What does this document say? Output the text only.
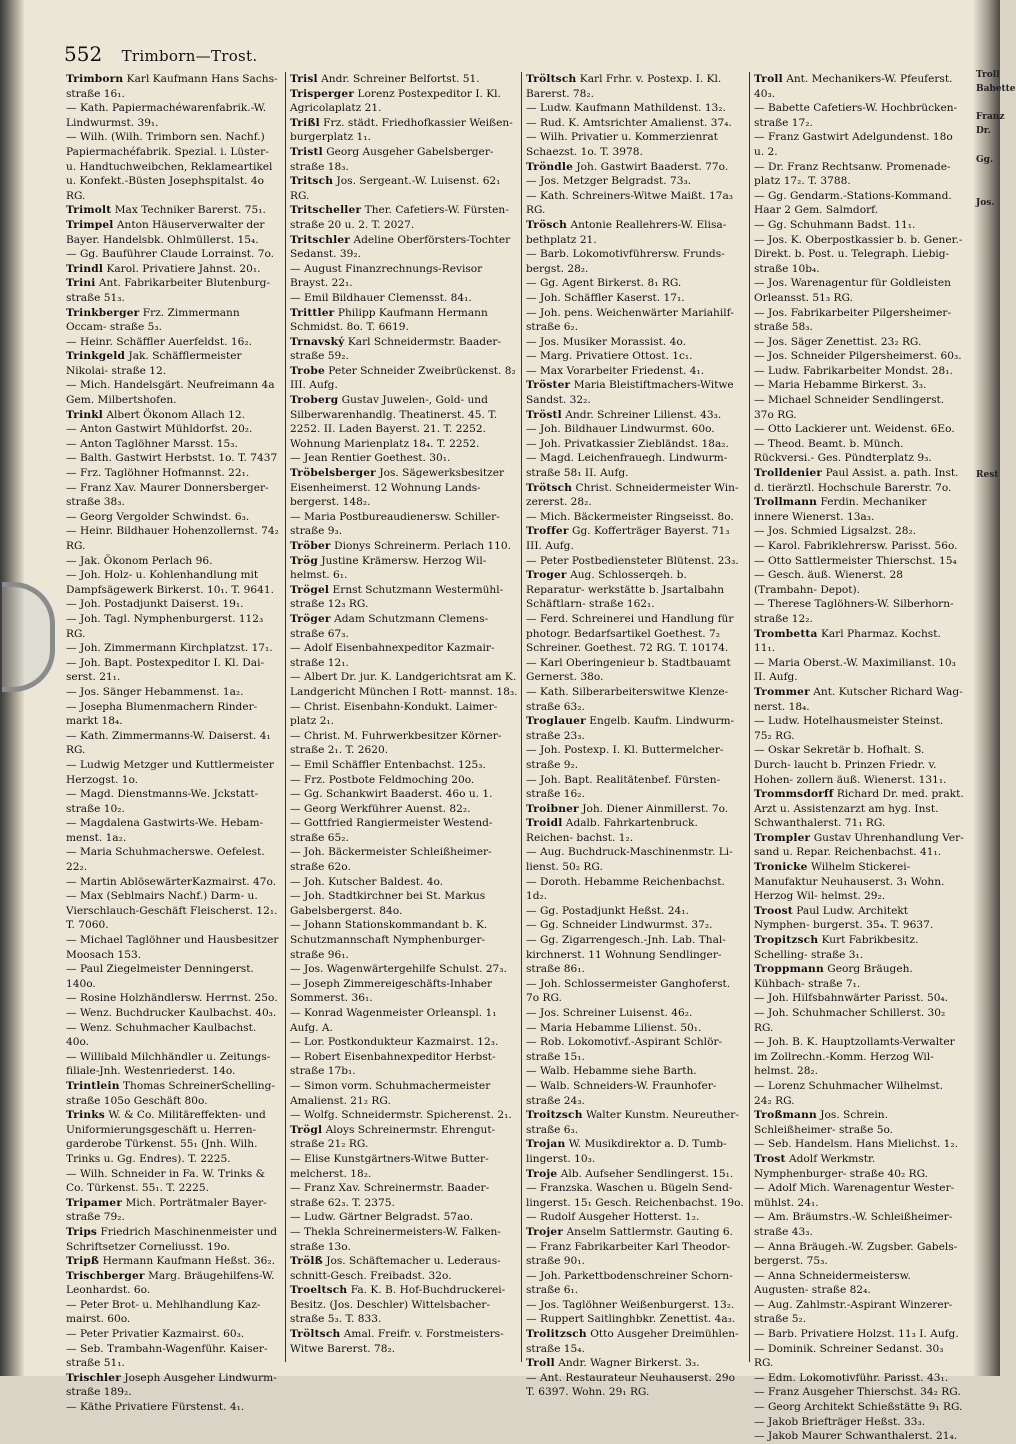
552 Trimborn—Trost.
Trimborn Karl Kaufmann Hans Sachs- straße 16₁.
— Kath. Papiermachéwarenfabrik.-W. Lindwurmst. 39₁.
— Wilh. (Wilh. Trimborn sen. Nachf.) Papiermachéfabrik. Spezial. i. Lüster- u. Handtuchweibchen, Reklameartikel u. Konfekt.-Büsten Josephspitalst. 4o RG.
Trimolt Max Techniker Barerst. 75₁.
Trimpel Anton Häuserverwalter der Bayer. Handelsbk. Ohlmüllerst. 15₄.
— Gg. Bauführer Claude Lorrainst. 7o.
Trindl Karol. Privatiere Jahnst. 20₁.
Trini Ant. Fabrikarbeiter Blutenburg- straße 51₃.
Trinkberger Frz. Zimmermann Occam- straße 5₃.
— Heinr. Schäffler Auerfeldst. 16₂.
Trinkgeld Jak. Schäfflermeister Nikolai- straße 12.
— Mich. Handelsgärt. Neufreimann 4a Gem. Milbertshofen.
Trinkl Albert Ökonom Allach 12.
— Anton Gastwirt Mühldorfst. 20₂.
— Anton Taglöhner Marsst. 15₃.
— Balth. Gastwirt Herbstst. 1o. T. 7437
— Frz. Taglöhner Hofmannst. 22₁.
— Franz Xav. Maurer Donnersberger- straße 38₃.
— Georg Vergolder Schwindst. 6₃.
— Heinr. Bildhauer Hohenzollernst. 74₂ RG.
— Jak. Ökonom Perlach 96.
— Joh. Holz- u. Kohlenhandlung mit Dampfsägewerk Birkerst. 10₁. T. 9641.
— Joh. Postadjunkt Daiserst. 19₁.
— Joh. Tagl. Nymphenburgerst. 112₃ RG.
— Joh. Zimmermann Kirchplatzst. 17₁.
— Joh. Bapt. Postexpeditor I. Kl. Dai- serst. 21₁.
— Jos. Sänger Hebammenst. 1a₂.
— Josepha Blumenmachern Rinder- markt 18₄.
— Kath. Zimmermanns-W. Daiserst. 4₁ RG.
— Ludwig Metzger und Kuttlermeister Herzogst. 1o.
— Magd. Dienstmanns-We. Jckstatt- straße 10₂.
— Magdalena Gastwirts-We. Hebam- menst. 1a₂.
— Maria Schuhmacherswe. Oefelest. 22₂.
— Martin AblösewärterKazmairst. 47o.
— Max (Seblmairs Nachf.) Darm- u. Vierschlauch-Geschäft Fleischerst. 12₁. T. 7060.
— Michael Taglöhner und Hausbesitzer Moosach 153.
— Paul Ziegelmeister Denningerst. 140o.
— Rosine Holzhändlersw. Herrnst. 25o.
— Wenz. Buchdrucker Kaulbachst. 40₃.
— Wenz. Schuhmacher Kaulbachst. 40o.
— Willibald Milchhändler u. Zeitungs- filiale-Jnh. Westenriederst. 14o.
Trintlein Thomas SchreinerSchelling- straße 105o Geschäft 80o.
Trinks W. & Co. Militäreffekten- und Uniformierungsgeschäft u. Herren- garderobe Türkenst. 55₁ (Jnh. Wilh. Trinks u. Gg. Endres). T. 2225.
— Wilh. Schneider in Fa. W. Trinks & Co. Türkenst. 55₁. T. 2225.
Tripamer Mich. Porträtmaler Bayer- straße 79₂.
Trips Friedrich Maschinenmeister und Schriftsetzer Corneliusst. 19o.
Tripß Hermann Kaufmann Heßst. 36₂.
Trischberger Marg. Bräugehilfens-W. Leonhardst. 6o.
— Peter Brot- u. Mehlhandlung Kaz- mairst. 60o.
— Peter Privatier Kazmairst. 60₃.
— Seb. Trambahn-Wagenführ. Kaiser- straße 51₁.
Trischler Joseph Ausgeher Lindwurm- straße 189₂.
— Käthe Privatiere Fürstenst. 4₁.
Trisl Andr. Schreiner Belfortst. 51.
Trisperger Lorenz Postexpeditor I. Kl. Agricolaplatz 21.
Trißl Frz. städt. Friedhofkassier Weißen- burgerplatz 1₁.
Tristl Georg Ausgeher Gabelsberger- straße 18₃.
Tritsch Jos. Sergeant.-W. Luisenst. 62₁ RG.
Tritscheller Ther. Cafetiers-W. Fürsten- straße 20 u. 2. T. 2027.
Tritschler Adeline Oberförsters-Tochter Sedanst. 39₂.
— August Finanzrechnungs-Revisor Brayst. 22₁.
— Emil Bildhauer Clemensst. 84₁.
Trittler Philipp Kaufmann Hermann Schmidst. 8o. T. 6619.
Trnavský Karl Schneidermstr. Baader- straße 59₂.
Trobe Peter Schneider Zweibrückenst. 8₂ III. Aufg.
Troberg Gustav Juwelen-, Gold- und Silberwarenhandlg. Theatinerst. 45. T. 2252. II. Laden Bayerst. 21. T. 2252. Wohnung Marienplatz 18₄. T. 2252.
— Jean Rentier Goethest. 30₁.
Tröbelsberger Jos. Sägewerksbesitzer Eisenheimerst. 12 Wohnung Lands- bergerst. 148₂.
— Maria Postbureaudienersw. Schiller- straße 9₃.
Tröber Dionys Schreinerm. Perlach 110.
Trög Justine Krämersw. Herzog Wil- helmst. 6₁.
Trögel Ernst Schutzmann Westermühl- straße 12₃ RG.
Tröger Adam Schutzmann Clemens- straße 67₃.
— Adolf Eisenbahnexpeditor Kazmair- straße 12₁.
— Albert Dr. jur. K. Landgerichtsrat am K. Landgericht München I Rott- mannst. 18₃.
— Christ. Eisenbahn-Kondukt. Laimer- platz 2₁.
— Christ. M. Fuhrwerkbesitzer Körner- straße 2₁. T. 2620.
— Emil Schäffler Entenbachst. 125₃.
— Frz. Postbote Feldmoching 20o.
— Gg. Schankwirt Baaderst. 46o u. 1.
— Georg Werkführer Auenst. 82₂.
— Gottfried Rangiermeister Westend- straße 65₂.
— Joh. Bäckermeister Schleißheimer- straße 62o.
— Joh. Kutscher Baldest. 4o.
— Joh. Stadtkirchner bei St. Markus Gabelsbergerst. 84o.
— Johann Stationskommandant b. K. Schutzmannschaft Nymphenburger- straße 96₁.
— Jos. Wagenwärtergehilfe Schulst. 27₃.
— Joseph Zimmereigeschäfts-Inhaber Sommerst. 36₁.
— Konrad Wagenmeister Orleanspl. 1₁ Aufg. A.
— Lor. Postkondukteur Kazmairst. 12₃.
— Robert Eisenbahnexpeditor Herbst- straße 17b₁.
— Simon vorm. Schuhmachermeister Amalienst. 21₂ RG.
— Wolfg. Schneidermstr. Spicherenst. 2₁.
Trögl Aloys Schreinermstr. Ehrengut- straße 21₂ RG.
— Elise Kunstgärtners-Witwe Butter- melcherst. 18₂.
— Franz Xav. Schreinermstr. Baader- straße 62₃. T. 2375.
— Ludw. Gärtner Belgradst. 57ao.
— Thekla Schreinermeisters-W. Falken- straße 13o.
Trölß Jos. Schäftemacher u. Lederaus- schnitt-Gesch. Freibadst. 32o.
Troeltsch Fa. K. B. Hof-Buchdruckerei- Besitz. (Jos. Deschler) Wittelsbacher- straße 5₃. T. 833.
Tröltsch Amal. Freifr. v. Forstmeisters- Witwe Barerst. 78₂.
Tröltsch Karl Frhr. v. Postexp. I. Kl. Barerst. 78₂.
— Ludw. Kaufmann Mathildenst. 13₂.
— Rud. K. Amtsrichter Amalienst. 37₄.
— Wilh. Privatier u. Kommerzienrat Schaezst. 1o. T. 3978.
Tröndle Joh. Gastwirt Baaderst. 77o.
— Jos. Metzger Belgradst. 73₃.
— Kath. Schreiners-Witwe Maißt. 17a₃ RG.
Trösch Antonie Reallehrers-W. Elisa- bethplatz 21.
— Barb. Lokomotivführersw. Frunds- bergst. 28₂.
— Gg. Agent Birkerst. 8₁ RG.
— Joh. Schäffler Kaserst. 17₁.
— Joh. pens. Weichenwärter Mariahilf- straße 6₂.
— Jos. Musiker Morassist. 4o.
— Marg. Privatiere Ottost. 1c₁.
— Max Vorarbeiter Friedenst. 4₁.
Tröster Maria Bleistiftmachers-Witwe Sandst. 32₂.
Tröstl Andr. Schreiner Lilienst. 43₃.
— Joh. Bildhauer Lindwurmst. 60o.
— Joh. Privatkassier Ziebländst. 18a₂.
— Magd. Leichenfrauegh. Lindwurm- straße 58₁ II. Aufg.
Trötsch Christ. Schneidermeister Win- zererst. 28₂.
— Mich. Bäckermeister Ringseisst. 8o.
Troffer Gg. Kofferträger Bayerst. 71₃ III. Aufg.
— Peter Postbediensteter Blütenst. 23₃.
Troger Aug. Schlosserqeh. b. Reparatur- werkstätte b. Jsartalbahn Schäftlarn- straße 162₁.
— Ferd. Schreinerei und Handlung für photogr. Bedarfsartikel Goethest. 7₂ Schreiner. Goethest. 72 RG. T. 10174.
— Karl Oberingenieur b. Stadtbauamt Gernerst. 38o.
— Kath. Silberarbeiterswitwe Klenze- straße 63₂.
Troglauer Engelb. Kaufm. Lindwurm- straße 23₃.
— Joh. Postexp. I. Kl. Buttermelcher- straße 9₂.
— Joh. Bapt. Realitätenbef. Fürsten- straße 16₂.
Troibner Joh. Diener Ainmillerst. 7o.
Troidl Adalb. Fahrkartenbruck. Reichen- bachst. 1₂.
— Aug. Buchdruck-Maschinenmstr. Li- lienst. 50₂ RG.
— Doroth. Hebamme Reichenbachst. 1d₂.
— Gg. Postadjunkt Heßst. 24₁.
— Gg. Schneider Lindwurmst. 37₂.
— Gg. Zigarrengesch.-Jnh. Lab. Thal- kirchnerst. 11 Wohnung Sendlinger- straße 86₁.
— Joh. Schlossermeister Ganghoferst. 7o RG.
— Jos. Schreiner Luisenst. 46₂.
— Maria Hebamme Lilienst. 50₁.
— Rob. Lokomotivf.-Aspirant Schlör- straße 15₁.
— Walb. Hebamme siehe Barth.
— Walb. Schneiders-W. Fraunhofer- straße 24₃.
Troitzsch Walter Kunstm. Neureuther- straße 6₃.
Trojan W. Musikdirektor a. D. Tumb- lingerst. 10₃.
Troje Alb. Aufseher Sendlingerst. 15₁.
— Franzska. Waschen u. Bügeln Send- lingerst. 15₁ Gesch. Reichenbachst. 19o.
— Rudolf Ausgeher Hotterst. 1₂.
Trojer Anselm Sattlermstr. Gauting 6.
— Franz Fabrikarbeiter Karl Theodor- straße 90₁.
— Joh. Parkettbodenschreiner Schorn- straße 6₁.
— Jos. Taglöhner Weißenburgerst. 13₂.
— Ruppert Saitlinghbkr. Zenettist. 4a₃.
Trolitzsch Otto Ausgeher Dreimühlen- straße 15₄.
Troll Andr. Wagner Birkerst. 3₃.
— Ant. Restaurateur Neuhauserst. 29o T. 6397. Wohn. 29₁ RG.
Troll Ant. Mechanikers-W. Pfeuferst. 40₃.
— Babette Cafetiers-W. Hochbrücken- straße 17₂.
— Franz Gastwirt Adelgundenst. 18o u. 2.
— Dr. Franz Rechtsanw. Promenade- platz 17₂. T. 3788.
— Gg. Gendarm.-Stations-Kommand. Haar 2 Gem. Salmdorf.
— Gg. Schuhmann Badst. 11₁.
— Jos. K. Oberpostkassier b. b. Gener.- Direkt. b. Post. u. Telegraph. Liebig- straße 10b₄.
— Jos. Warenagentur für Goldleisten Orleansst. 51₃ RG.
— Jos. Fabrikarbeiter Pilgersheimer- straße 58₃.
— Jos. Säger Zenettist. 23₂ RG.
— Jos. Schneider Pilgersheimerst. 60₃.
— Ludw. Fabrikarbeiter Mondst. 28₁.
— Maria Hebamme Birkerst. 3₃.
— Michael Schneider Sendlingerst. 37o RG.
— Otto Lackierer unt. Weidenst. 6Eo.
— Theod. Beamt. b. Münch. Rückversi.- Ges. Pündterplatz 9₃.
Trolldenier Paul Assist. a. path. Inst. d. tierärztl. Hochschule Barerstr. 7o.
Trollmann Ferdin. Mechaniker innere Wienerst. 13a₃.
— Jos. Schmied Ligsalzst. 28₂.
— Karol. Fabriklehrersw. Parisst. 56o.
— Otto Sattlermeister Thierschst. 15₄
— Gesch. äuß. Wienerst. 28 (Trambahn- Depot).
— Therese Taglöhners-W. Silberhorn- straße 12₂.
Trombetta Karl Pharmaz. Kochst. 11₁.
— Maria Oberst.-W. Maximilianst. 10₃ II. Aufg.
Trommer Ant. Kutscher Richard Wag- nerst. 18₄.
— Ludw. Hotelhausmeister Steinst. 75₂ RG.
— Oskar Sekretär b. Hofhalt. S. Durch- laucht b. Prinzen Friedr. v. Hohen- zollern äuß. Wienerst. 131₁.
Trommsdorff Richard Dr. med. prakt. Arzt u. Assistenzarzt am hyg. Inst. Schwanthalerst. 71₁ RG.
Trompler Gustav Uhrenhandlung Ver- sand u. Repar. Reichenbachst. 41₁.
Tronicke Wilhelm Stickerei-Manufaktur Neuhauserst. 3₁ Wohn. Herzog Wil- helmst. 29₂.
Troost Paul Ludw. Architekt Nymphen- burgerst. 35₄. T. 9637.
Tropitzsch Kurt Fabrikbesitz. Schelling- straße 3₁.
Troppmann Georg Bräugeh. Kühbach- straße 7₁.
— Joh. Hilfsbahnwärter Parisst. 50₄.
— Joh. Schuhmacher Schillerst. 30₂ RG.
— Joh. B. K. Hauptzollamts-Verwalter im Zollrechn.-Komm. Herzog Wil- helmst. 28₂.
— Lorenz Schuhmacher Wilhelmst. 24₂ RG.
Troßmann Jos. Schrein. Schleißheimer- straße 5o.
— Seb. Handelsm. Hans Mielichst. 1₂.
Trost Adolf Werkmstr. Nymphenburger- straße 40₂ RG.
— Adolf Mich. Warenagentur Wester- mühlst. 24₁.
— Am. Bräumstrs.-W. Schleißheimer- straße 43₃.
— Anna Bräugeh.-W. Zugsber. Gabels- bergerst. 75₃.
— Anna Schneidermeistersw. Augusten- straße 82₄.
— Aug. Zahlmstr.-Aspirant Winzerer- straße 5₂.
— Barb. Privatiere Holzst. 11₃ I. Aufg.
— Dominik. Schreiner Sedanst. 30₃ RG.
— Edm. Lokomotivführ. Parisst. 43₁.
— Franz Ausgeher Thierschst. 34₂ RG.
— Georg Architekt Schießstätte 9₁ RG.
— Jakob Briefträger Heßst. 33₃.
— Jakob Maurer Schwanthalerst. 21₄.
Troll
Babette
Franz
Dr.
Gg.
Jos.
Rest
